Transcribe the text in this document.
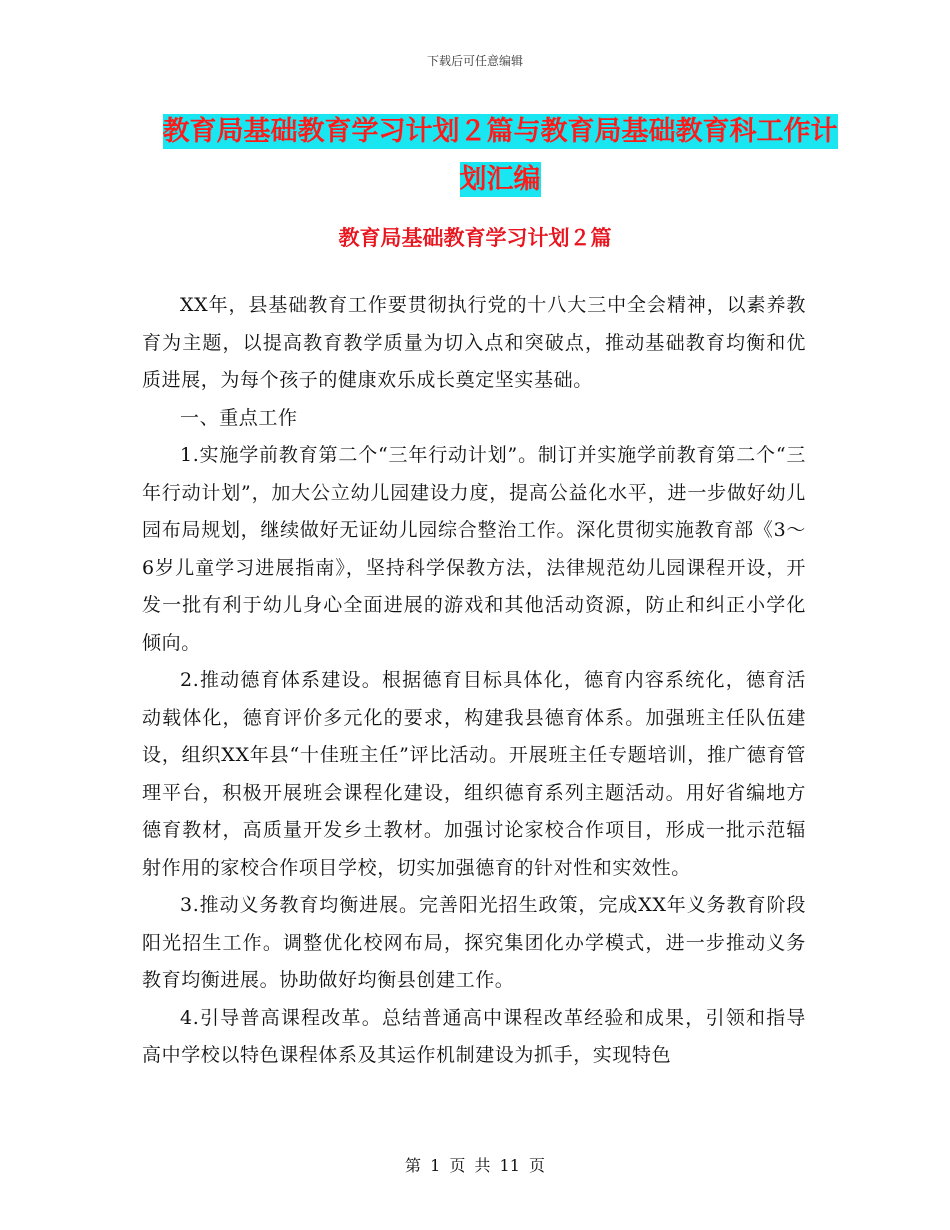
下载后可任意编辑
教育局基础教育学习计划２篇与教育局基础教育科工作计划汇编
教育局基础教育学习计划２篇

XX年，县基础教育工作要贯彻执行党的十八大三中全会精神，以素养教育为主题，以提高教育教学质量为切入点和突破点，推动基础教育均衡和优质进展，为每个孩子的健康欢乐成长奠定坚实基础。

一、重点工作

1.实施学前教育第二个“三年行动计划”。制订并实施学前教育第二个“三年行动计划”，加大公立幼儿园建设力度，提高公益化水平，进一步做好幼儿园布局规划，继续做好无证幼儿园综合整治工作。深化贯彻实施教育部《3～6岁儿童学习进展指南》，坚持科学保教方法，法律规范幼儿园课程开设，开发一批有利于幼儿身心全面进展的游戏和其他活动资源，防止和纠正小学化倾向。

2.推动德育体系建设。根据德育目标具体化，德育内容系统化，德育活动载体化，德育评价多元化的要求，构建我县德育体系。加强班主任队伍建设，组织XX年县“十佳班主任”评比活动。开展班主任专题培训，推广德育管理平台，积极开展班会课程化建设，组织德育系列主题活动。用好省编地方德育教材，高质量开发乡土教材。加强讨论家校合作项目，形成一批示范辐射作用的家校合作项目学校，切实加强德育的针对性和实效性。

3.推动义务教育均衡进展。完善阳光招生政策，完成XX年义务教育阶段阳光招生工作。调整优化校网布局，探究集团化办学模式，进一步推动义务教育均衡进展。协助做好均衡县创建工作。

4.引导普高课程改革。总结普通高中课程改革经验和成果，引领和指导高中学校以特色课程体系及其运作机制建设为抓手，实现特色

第 1 页 共 11 页
